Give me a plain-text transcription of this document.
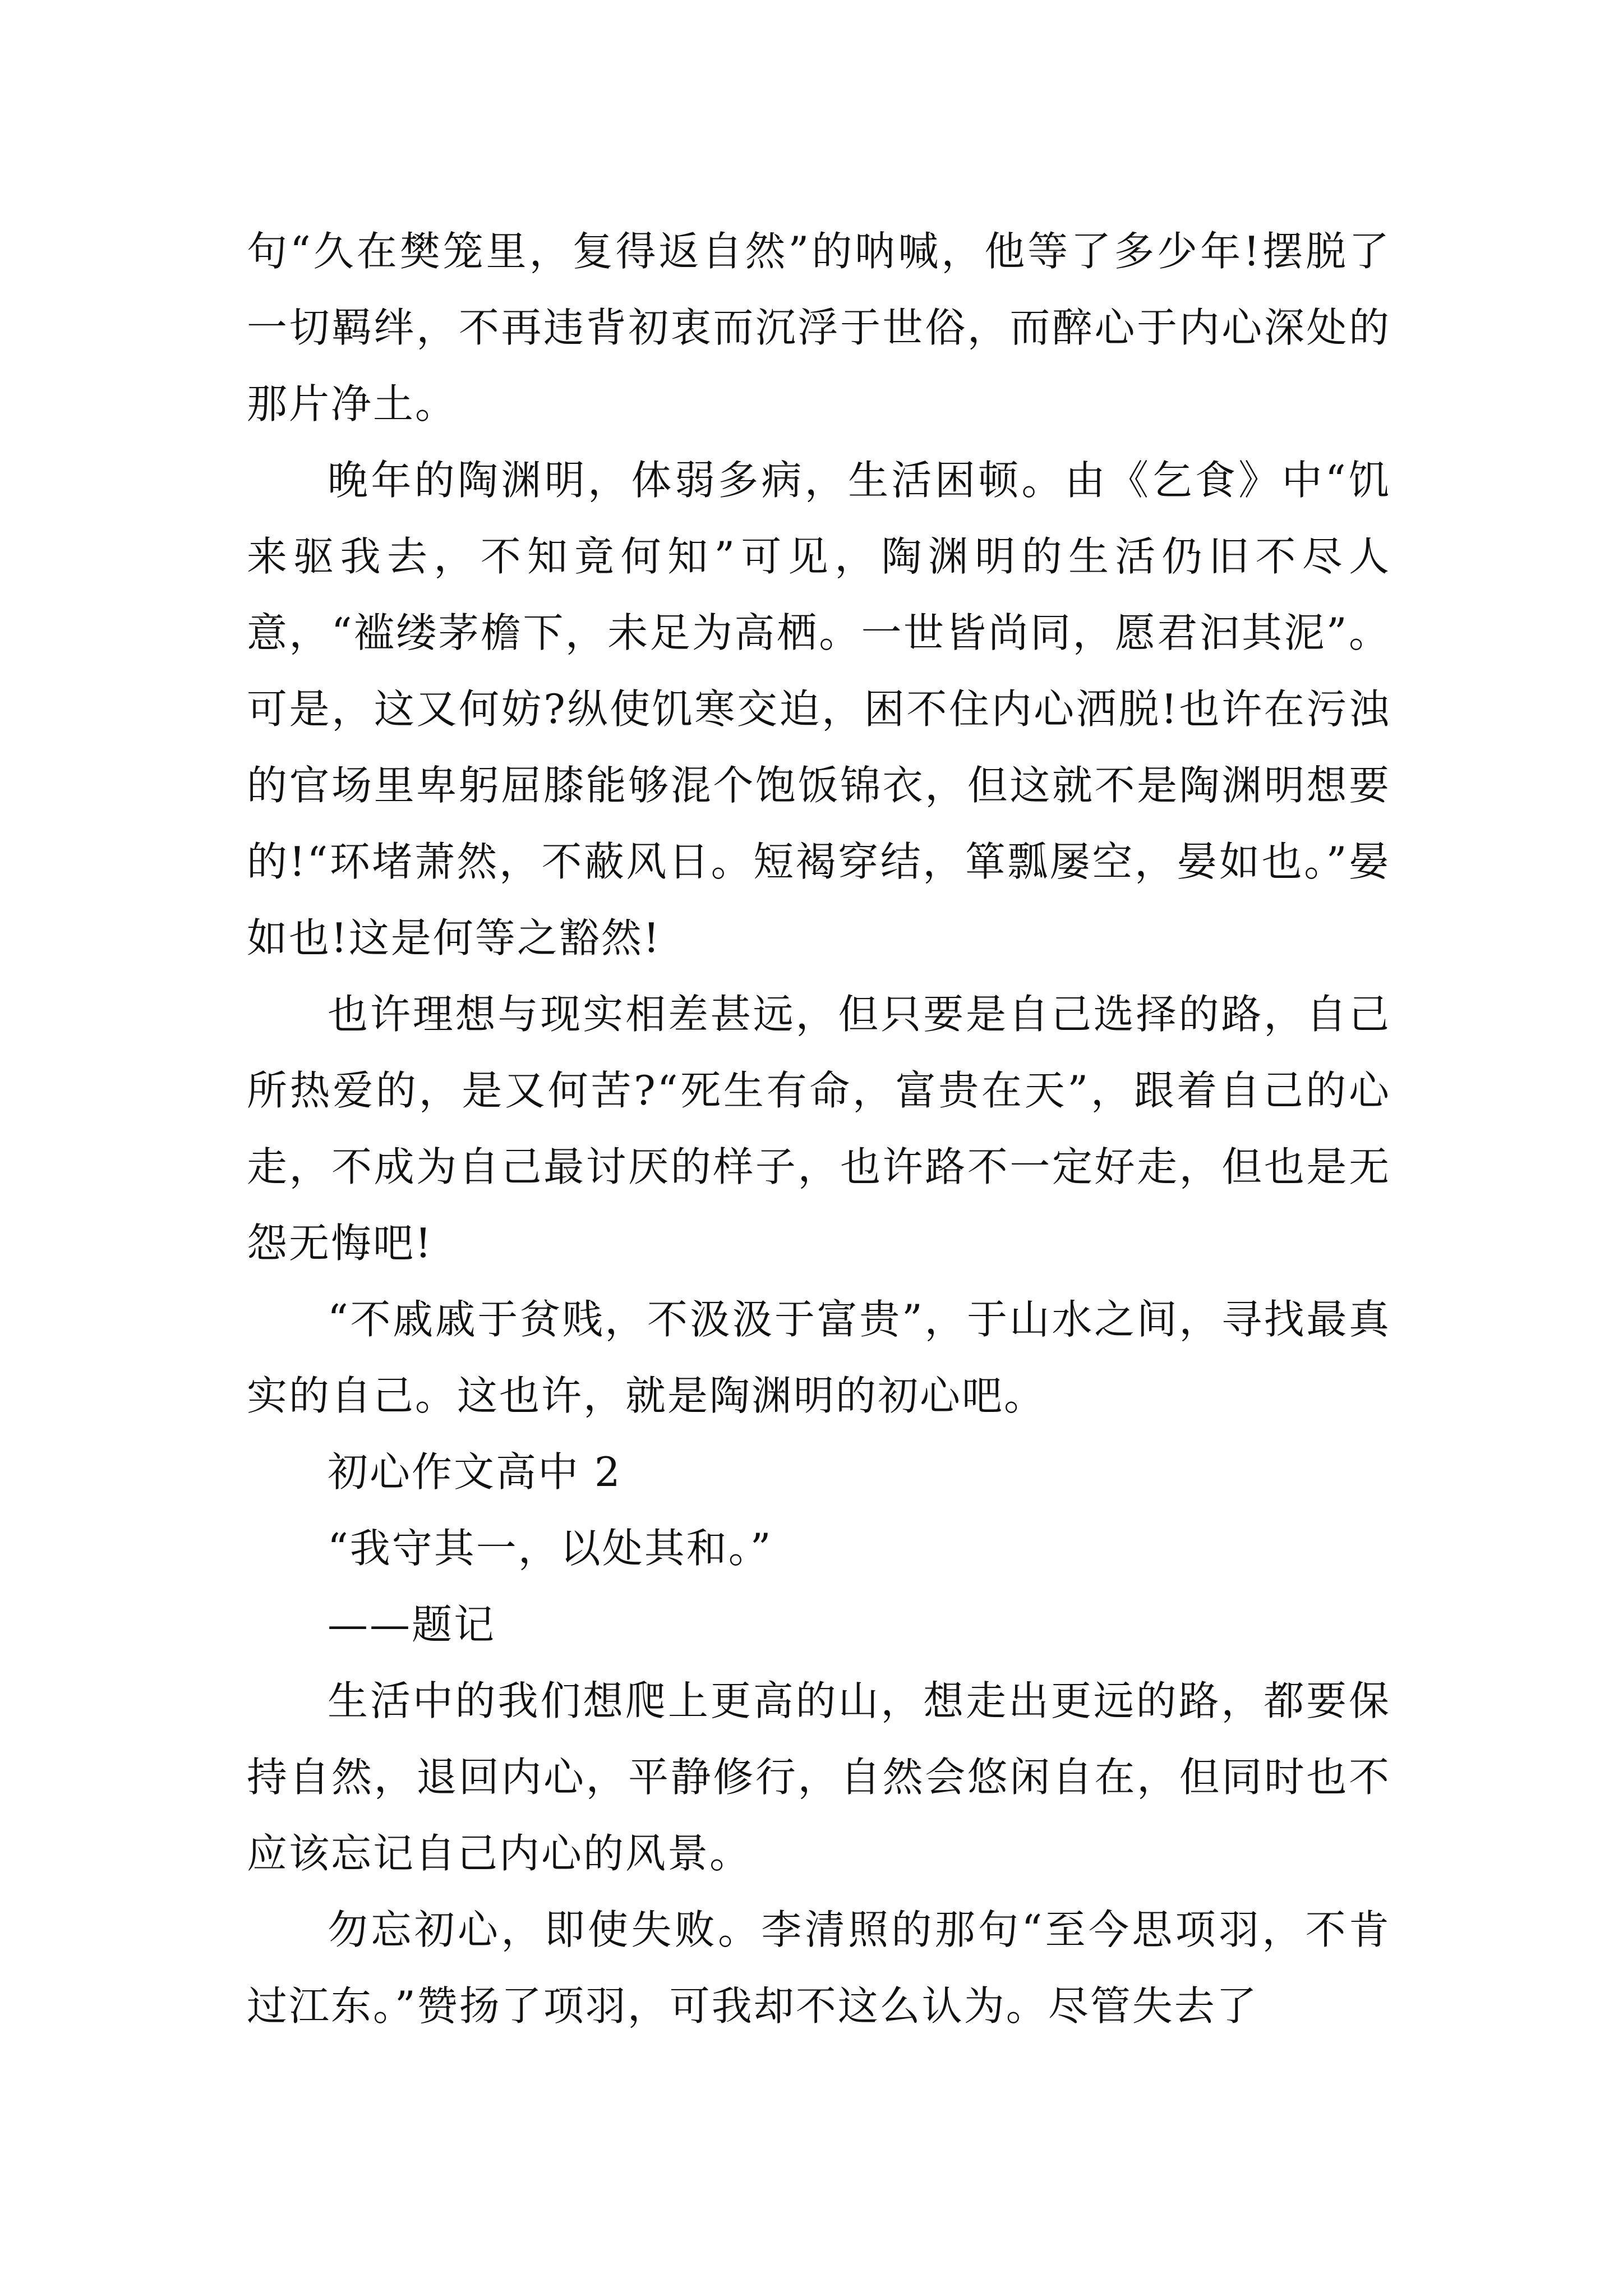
句“久在樊笼里，复得返自然”的呐喊，他等了多少年!摆脱了一切羁绊，不再违背初衷而沉浮于世俗，而醉心于内心深处的那片净土。

晚年的陶渊明，体弱多病，生活困顿。由《乞食》中“饥来驱我去，不知竟何知”可见，陶渊明的生活仍旧不尽人意，“褴缕茅檐下，未足为高栖。一世皆尚同，愿君汩其泥”。可是，这又何妨?纵使饥寒交迫，困不住内心洒脱!也许在污浊的官场里卑躬屈膝能够混个饱饭锦衣，但这就不是陶渊明想要的!“环堵萧然，不蔽风日。短褐穿结，箪瓢屡空，晏如也。”晏如也!这是何等之豁然!

也许理想与现实相差甚远，但只要是自己选择的路，自己所热爱的，是又何苦?“死生有命，富贵在天”，跟着自己的心走，不成为自己最讨厌的样子，也许路不一定好走，但也是无怨无悔吧!

“不戚戚于贫贱，不汲汲于富贵”，于山水之间，寻找最真实的自己。这也许，就是陶渊明的初心吧。

初心作文高中 2

“我守其一，以处其和。”

——题记

生活中的我们想爬上更高的山，想走出更远的路，都要保持自然，退回内心，平静修行，自然会悠闲自在，但同时也不应该忘记自己内心的风景。

勿忘初心，即使失败。李清照的那句“至今思项羽，不肯过江东。”赞扬了项羽，可我却不这么认为。尽管失去了
